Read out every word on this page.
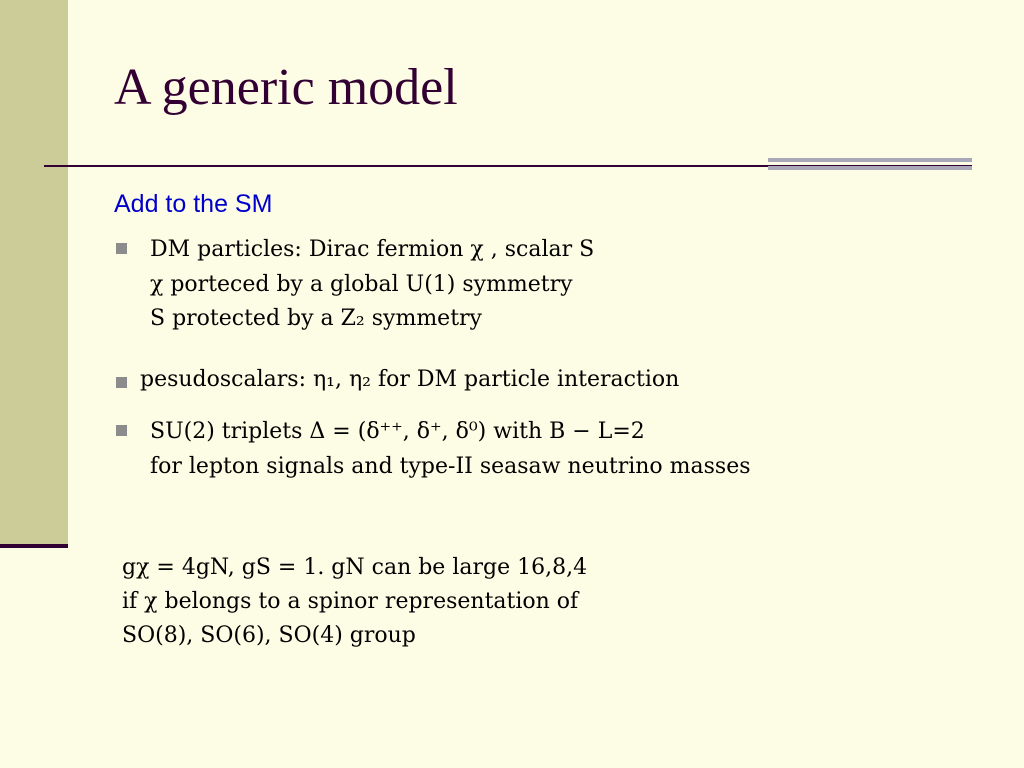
A generic model
Add to the SM
DM particles: Dirac fermion χ , scalar S
χ porteced by a global U(1) symmetry
S protected by a Z₂ symmetry
pesudoscalars: η₁, η₂ for DM particle interaction
SU(2) triplets Δ = (δ⁺⁺, δ⁺, δ⁰) with B − L=2
for lepton signals and type-II seasaw neutrino masses
gχ = 4gN, gS = 1. gN can be large 16,8,4
if χ belongs to a spinor representation of
SO(8), SO(6), SO(4) group
